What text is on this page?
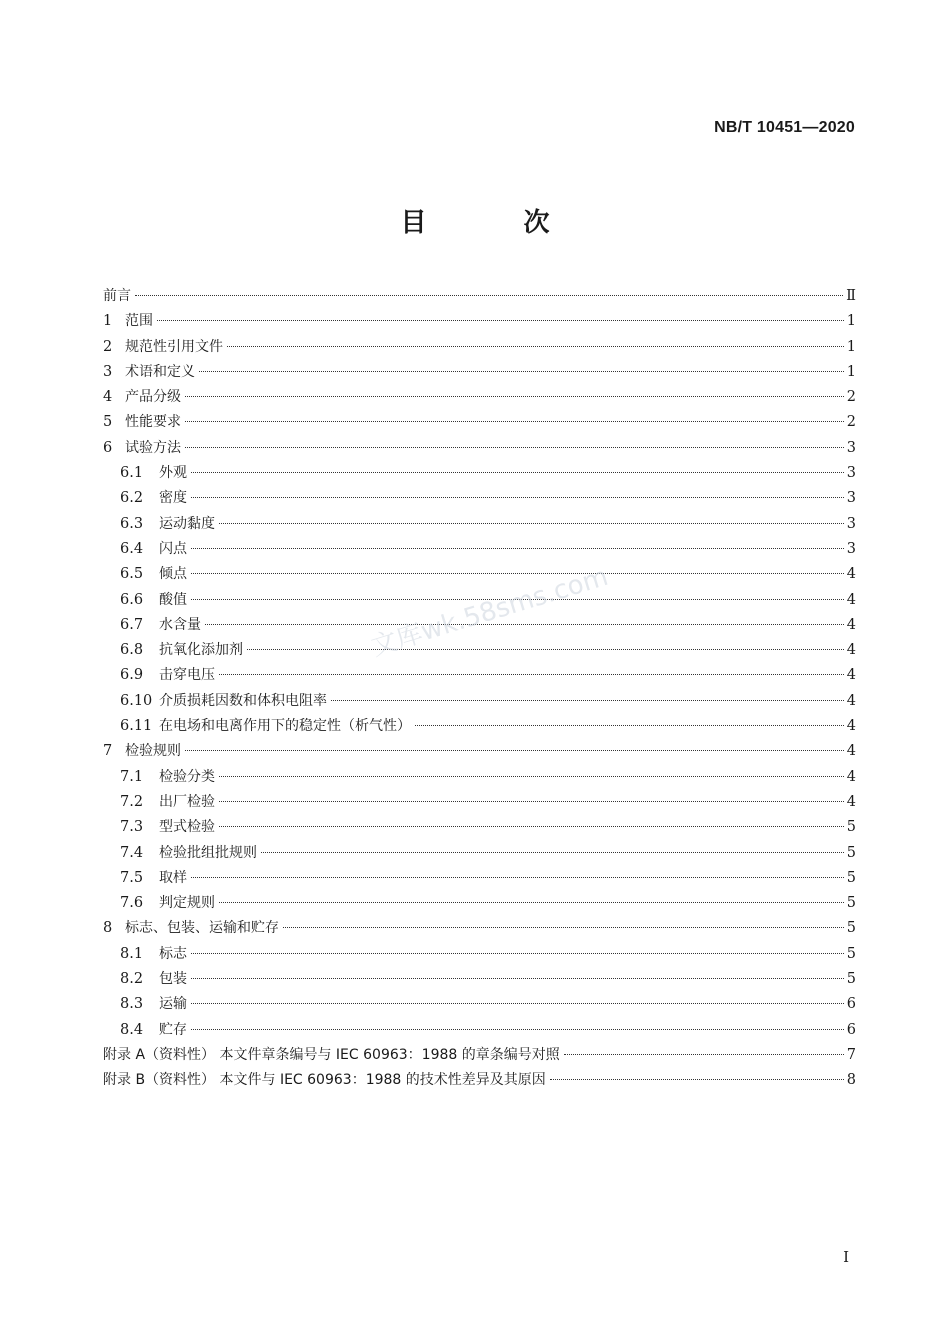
NB/T 10451—2020
目 次
前言	Ⅱ
1 范围	1
2 规范性引用文件	1
3 术语和定义	1
4 产品分级	2
5 性能要求	2
6 试验方法	3
6.1	外观	3
6.2	密度	3
6.3	运动黏度	3
6.4	闪点	3
6.5	倾点	4
6.6	酸值	4
6.7	水含量	4
6.8	抗氧化添加剂	4
6.9	击穿电压	4
6.10 介质损耗因数和体积电阻率	4
6.11 在电场和电离作用下的稳定性（析气性）	4
7 检验规则	4
7.1	检验分类	4
7.2	出厂检验	4
7.3	型式检验	5
7.4	检验批组批规则	5
7.5	取样	5
7.6	判定规则	5
8 标志、包装、运输和贮存	5
8.1	标志	5
8.2	包装	5
8.3	运输	6
8.4	贮存	6
附录 A（资料性） 本文件章条编号与 IEC 60963：1988 的章条编号对照	7
附录 B（资料性） 本文件与 IEC 60963：1988 的技术性差异及其原因	8
I
文库wk.58sms.com
